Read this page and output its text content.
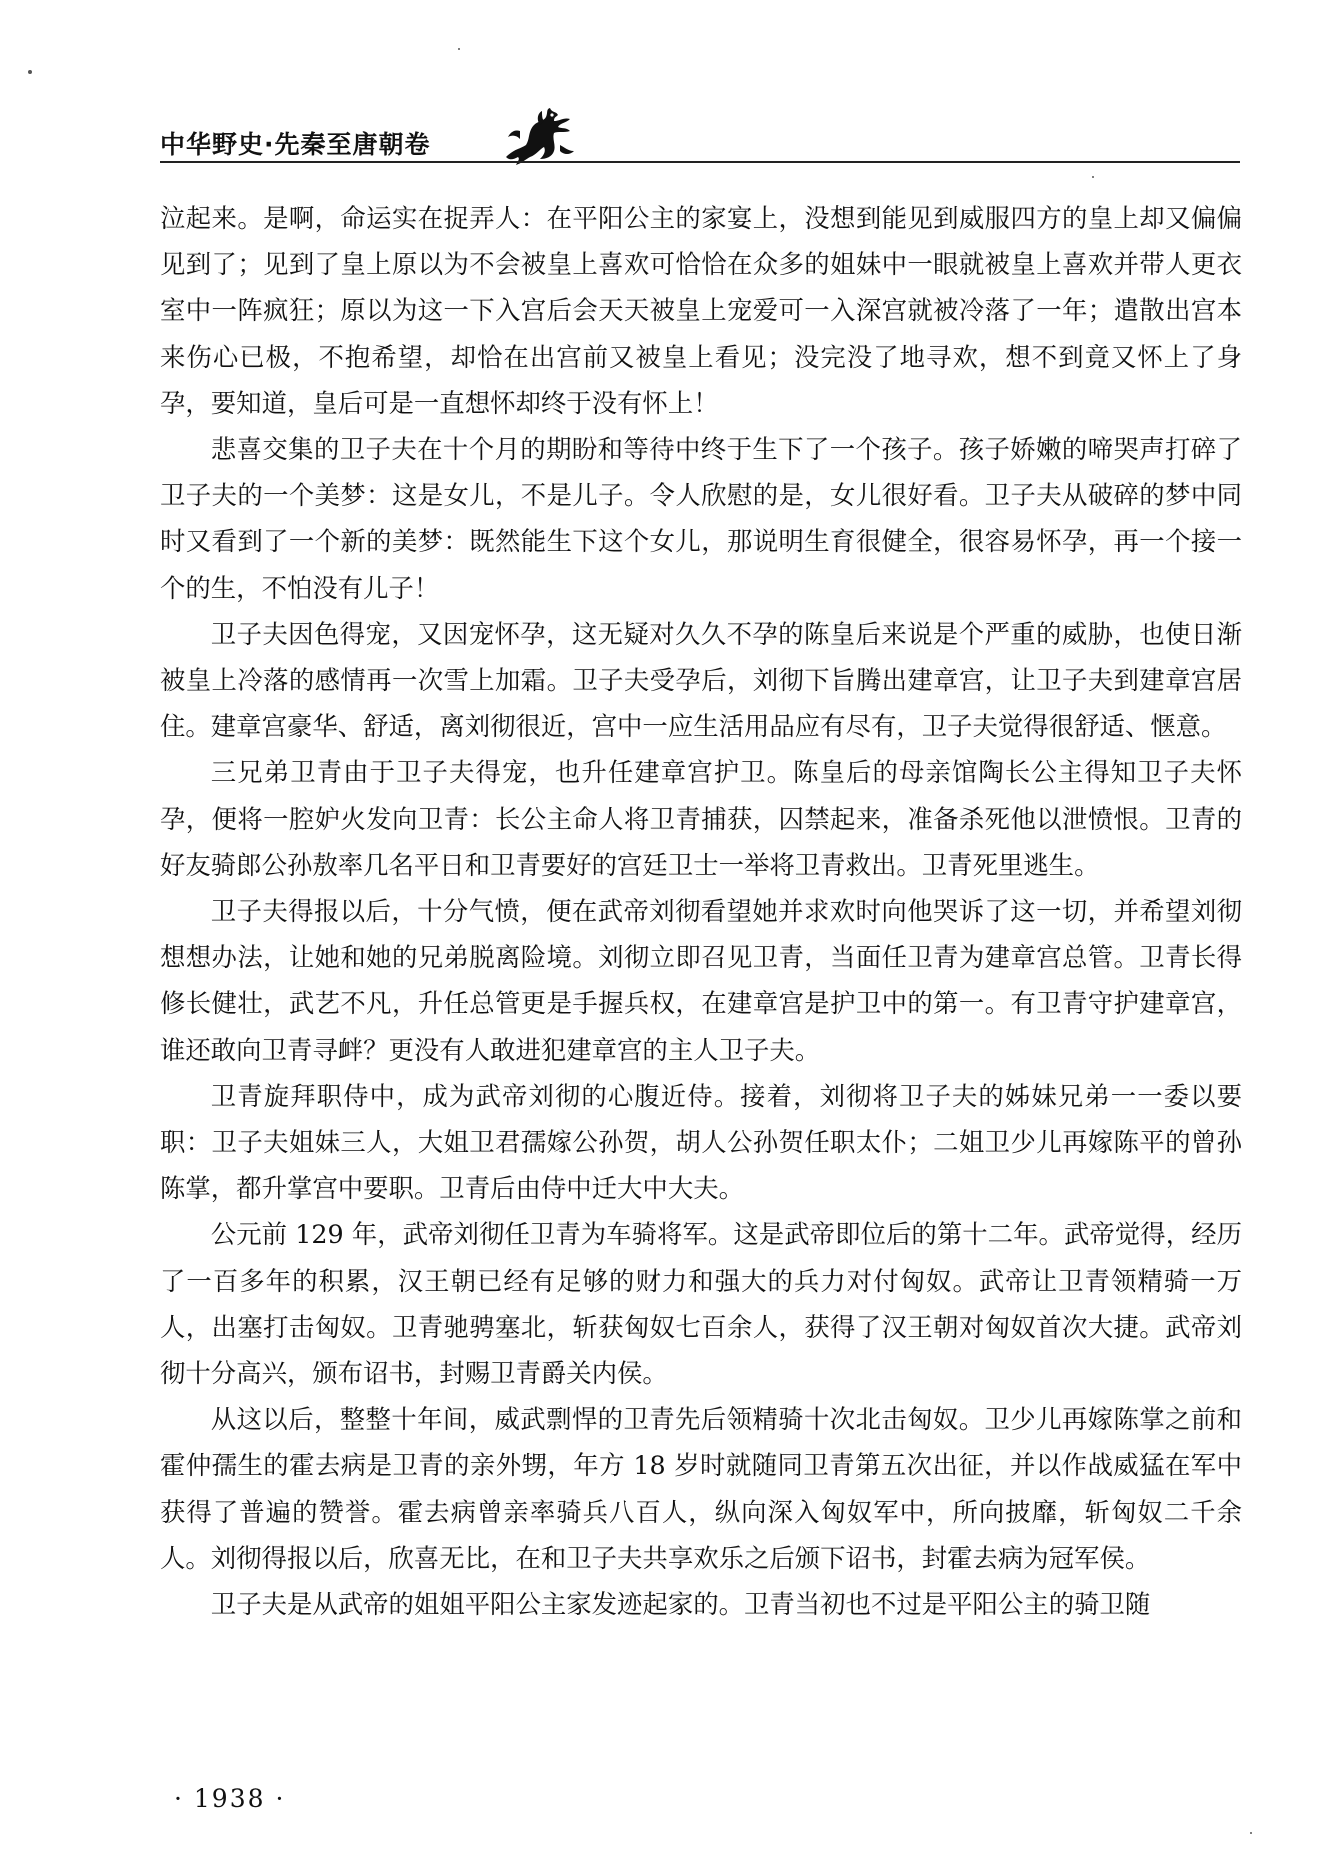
中华野史·先秦至唐朝卷

泣起来。是啊，命运实在捉弄人：在平阳公主的家宴上，没想到能见到威服四方的皇上却又偏偏见到了；见到了皇上原以为不会被皇上喜欢可恰恰在众多的姐妹中一眼就被皇上喜欢并带人更衣室中一阵疯狂；原以为这一下入宫后会天天被皇上宠爱可一入深宫就被冷落了一年；遣散出宫本来伤心已极，不抱希望，却恰在出宫前又被皇上看见；没完没了地寻欢，想不到竟又怀上了身孕，要知道，皇后可是一直想怀却终于没有怀上！

悲喜交集的卫子夫在十个月的期盼和等待中终于生下了一个孩子。孩子娇嫩的啼哭声打碎了卫子夫的一个美梦：这是女儿，不是儿子。令人欣慰的是，女儿很好看。卫子夫从破碎的梦中同时又看到了一个新的美梦：既然能生下这个女儿，那说明生育很健全，很容易怀孕，再一个接一个的生，不怕没有儿子！

卫子夫因色得宠，又因宠怀孕，这无疑对久久不孕的陈皇后来说是个严重的威胁，也使日渐被皇上冷落的感情再一次雪上加霜。卫子夫受孕后，刘彻下旨腾出建章宫，让卫子夫到建章宫居住。建章宫豪华、舒适，离刘彻很近，宫中一应生活用品应有尽有，卫子夫觉得很舒适、惬意。

三兄弟卫青由于卫子夫得宠，也升任建章宫护卫。陈皇后的母亲馆陶长公主得知卫子夫怀孕，便将一腔妒火发向卫青：长公主命人将卫青捕获，囚禁起来，准备杀死他以泄愤恨。卫青的好友骑郎公孙敖率几名平日和卫青要好的宫廷卫士一举将卫青救出。卫青死里逃生。

卫子夫得报以后，十分气愤，便在武帝刘彻看望她并求欢时向他哭诉了这一切，并希望刘彻想想办法，让她和她的兄弟脱离险境。刘彻立即召见卫青，当面任卫青为建章宫总管。卫青长得修长健壮，武艺不凡，升任总管更是手握兵权，在建章宫是护卫中的第一。有卫青守护建章宫，谁还敢向卫青寻衅？更没有人敢进犯建章宫的主人卫子夫。

卫青旋拜职侍中，成为武帝刘彻的心腹近侍。接着，刘彻将卫子夫的姊妹兄弟一一委以要职：卫子夫姐妹三人，大姐卫君孺嫁公孙贺，胡人公孙贺任职太仆；二姐卫少儿再嫁陈平的曾孙陈掌，都升掌宫中要职。卫青后由侍中迁大中大夫。

公元前 129 年，武帝刘彻任卫青为车骑将军。这是武帝即位后的第十二年。武帝觉得，经历了一百多年的积累，汉王朝已经有足够的财力和强大的兵力对付匈奴。武帝让卫青领精骑一万人，出塞打击匈奴。卫青驰骋塞北，斩获匈奴七百余人，获得了汉王朝对匈奴首次大捷。武帝刘彻十分高兴，颁布诏书，封赐卫青爵关内侯。

从这以后，整整十年间，威武剽悍的卫青先后领精骑十次北击匈奴。卫少儿再嫁陈掌之前和霍仲孺生的霍去病是卫青的亲外甥，年方 18 岁时就随同卫青第五次出征，并以作战威猛在军中获得了普遍的赞誉。霍去病曾亲率骑兵八百人，纵向深入匈奴军中，所向披靡，斩匈奴二千余人。刘彻得报以后，欣喜无比，在和卫子夫共享欢乐之后颁下诏书，封霍去病为冠军侯。

卫子夫是从武帝的姐姐平阳公主家发迹起家的。卫青当初也不过是平阳公主的骑卫随

· 1938 ·
